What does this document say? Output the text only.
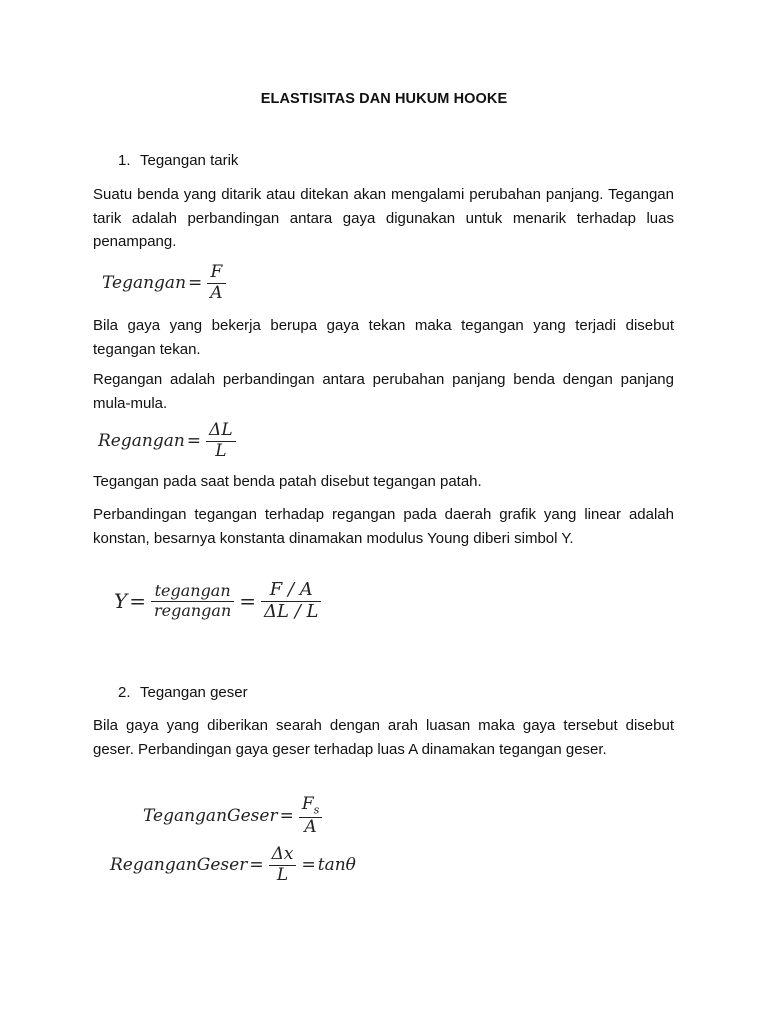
ELASTISITAS DAN HUKUM HOOKE
1. Tegangan tarik
Suatu benda yang ditarik atau ditekan akan mengalami perubahan panjang. Tegangan tarik adalah perbandingan antara gaya digunakan untuk menarik terhadap luas penampang.
Tegangan = $\frac{F}{A}$
Bila gaya yang bekerja berupa gaya tekan maka tegangan yang terjadi disebut tegangan tekan.
Regangan adalah perbandingan antara perubahan panjang benda dengan panjang mula-mula.
Regangan = $\frac{\Delta L}{L}$
Tegangan pada saat benda patah disebut tegangan patah.
Perbandingan tegangan terhadap regangan pada daerah grafik yang linear adalah konstan, besarnya konstanta dinamakan modulus Young diberi simbol Y.
$Y = \frac{\text{tegangan}}{\text{regangan}} = \frac{F / A}{\Delta L / L}$
2. Tegangan geser
Bila gaya yang diberikan searah dengan arah luasan maka gaya tersebut disebut geser. Perbandingan gaya geser terhadap luas A dinamakan tegangan geser.
TeganganGeser = $\frac{F_s}{A}$
ReganganGeser = $\frac{\Delta x}{L} = \tan\theta$
